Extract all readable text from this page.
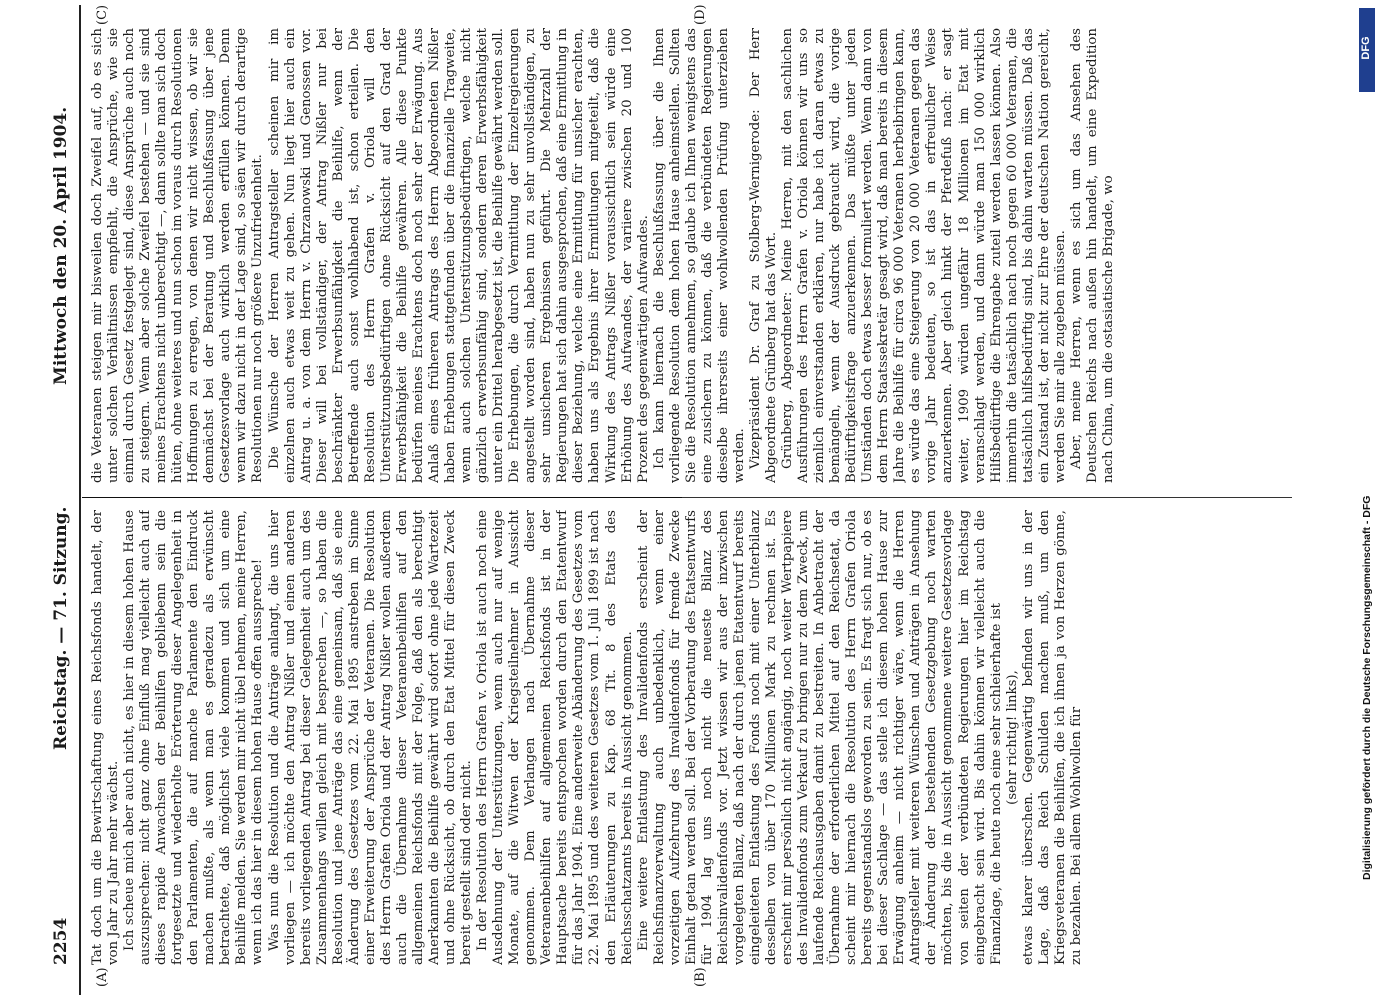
2254
Reichstag. — 71. Sitzung.
Mittwoch den 20. April 1904.
(A)	(B)
(C)	(D)

Tat doch um die Bewirtschaftung eines Reichsfonds handelt, der von Jahr zu Jahr mehr wächst. Ich scheue mich aber auch nicht, es hier in diesem hohen Hause auszusprechen: nicht ganz ohne Einfluß mag vielleicht auch auf dieses rapide Anwachsen der Beihilfen gebliebenn sein die fortgesetzte und wiederholte Erörterung dieser Angelegenheit in den Parlamenten, die auf manche Parlamente den Eindruck machen mußte, als wenn man es geradezu als erwünscht betrachtete, daß möglichst viele kommen und sich um eine Beihilfe melden. Sie werden mir nicht übel nehmen, meine Herren, wenn ich das hier in diesem hohen Hause offen ausspreche! Was nun die Resolution und die Anträge anlangt, die uns hier vorliegen — ich möchte den Antrag Nißler und einen anderen bereits vorliegenden Antrag bei dieser Gelegenheit auch um des Zusammenhangs willen gleich mit besprechen —, so haben die Resolution und jene Anträge das eine gemeinsam, daß sie eine Änderung des Gesetzes vom 22. Mai 1895 anstreben im Sinne einer Erweiterung der Ansprüche der Veteranen. Die Resolution des Herrn Grafen Oriola und der Antrag Nißler wollen außerdem auch die Übernahme dieser Veteranenbeihilfen auf den allgemeinen Reichsfonds mit der Folge, daß den als berechtigt Anerkannten die Beihilfe gewährt wird sofort ohne jede Wartezeit und ohne Rücksicht, ob durch den Etat Mittel für diesen Zweck bereit gestellt sind oder nicht. In der Resolution des Herrn Grafen v. Oriola ist auch noch eine Ausdehnung der Unterstützungen, wenn auch nur auf wenige Monate, auf die Witwen der Kriegsteilnehmer in Aussicht genommen. Dem Verlangen nach Übernahme dieser Veteranenbeihilfen auf allgemeinen Reichsfonds ist in der Hauptsache bereits entsprochen worden durch den Etatentwurf für das Jahr 1904. Eine anderweite Abänderung des Gesetzes vom 22. Mai 1895 und des weiteren Gesetzes vom 1. Juli 1899 ist nach den Erläuterungen zu Kap. 68 Tit. 8 des Etats des Reichsschatzamts bereits in Aussicht genommen. Eine weitere Entlastung des Invalidenfonds erscheint der Reichsfinanzverwaltung auch unbedenklich, wenn einer vorzeitigen Aufzehrung des Invalidenfonds für fremde Zwecke Einhalt getan werden soll. Bei der Vorberatung des Etatsentwurfs für 1904 lag uns noch nicht die neueste Bilanz des Reichsinvalidenfonds vor. Jetzt wissen wir aus der inzwischen vorgelegten Bilanz, daß nach der durch jenen Etatentwurf bereits eingeleiteten Entlastung des Fonds noch mit einer Unterbilanz desselben von über 170 Millionen Mark zu rechnen ist. Es erscheint mir persönlich nicht angängig, noch weiter Wertpapiere des Invalidenfonds zum Verkauf zu bringen nur zu dem Zweck, um laufende Reichsausgaben damit zu bestreiten. In Anbetracht der Übernahme der erforderlichen Mittel auf den Reichsetat, da scheint mir hiernach die Resolution des Herrn Grafen Oriola bereits gegenstandslos geworden zu sein. Es fragt sich nur, ob es bei dieser Sachlage — das stelle ich diesem hohen Hause zur Erwägung anheim — nicht richtiger wäre, wenn die Herren Antragsteller mit weiteren Wünschen und Anträgen in Ansehung der Änderung der bestehenden Gesetzgebung noch warten möchten, bis die in Aussicht genommene weitere Gesetzesvorlage von seiten der verbündeten Regierungen hier im Reichstag eingebracht sein wird. Bis dahin können wir vielleicht auch die Finanzlage, die heute noch eine sehr schleierhafte ist (sehr richtig! links), etwas klarer überschen. Gegenwärtig befinden wir uns in der Lage, daß das Reich Schulden machen muß, um den Kriegsveteranen die Beihilfen, die ich ihnen ja von Herzen gönne, zu bezahlen. Bei allem Wohlwollen für

die Veteranen steigen mir bisweilen doch Zweifel auf, ob es sich unter solchen Verhältnissen empfiehlt, die Ansprüche, wie sie einmal durch Gesetz festgelegt sind, diese Ansprüche auch noch zu steigern. Wenn aber solche Zweifel bestehen — und sie sind meines Erachtens nicht unberechtigt —, dann sollte man sich doch hüten, ohne weiteres und nun schon im voraus durch Resolutionen Hoffnungen zu erregen, von denen wir nicht wissen, ob wir sie demnächst bei der Beratung und Beschlußfassung über jene Gesetzesvorlage auch wirklich werden erfüllen können. Denn wenn wir dazu nicht in der Lage sind, so säen wir durch derartige Resolutionen nur noch größere Unzufriedenheit. Die Wünsche der Herren Antragsteller scheinen mir im einzelnen auch etwas weit zu gehen. Nun liegt hier auch ein Antrag u. a. von dem Herrn v. Chrzanowski und Genossen vor. Dieser will bei vollständiger, der Antrag Nißler nur bei beschränkter Erwerbsunfähigkeit die Beihilfe, wenn der Betreffende auch sonst wohlhabend ist, schon erteilen. Die Resolution des Herrn Grafen v. Oriola will den Unterstützungsbedürftigen ohne Rücksicht auf den Grad der Erwerbsfähigkeit die Beihilfe gewähren. Alle diese Punkte bedürfen meines Erachtens doch noch sehr der Erwägung. Aus Anlaß eines früheren Antrags des Herrn Abgeordneten Nißler haben Erhebungen stattgefunden über die finanzielle Tragweite, wenn auch solchen Unterstützungsbedürftigen, welche nicht gänzlich erwerbsunfähig sind, sondern deren Erwerbsfähigkeit unter ein Drittel herabgesetzt ist, die Beihilfe gewährt werden soll. Die Erhebungen, die durch Vermittlung der Einzelregierungen angestellt worden sind, haben nun zu sehr unvollständigen, zu sehr unsicheren Ergebnissen geführt. Die Mehrzahl der Regierungen hat sich dahin ausgesprochen, daß eine Ermittlung in dieser Beziehung, welche eine Ermittlung für unsicher erachten, haben uns als Ergebnis ihrer Ermittlungen mitgeteilt, daß die Wirkung des Antrags Nißler voraussichtlich sein würde eine Erhöhung des Aufwandes, der variiere zwischen 20 und 100 Prozent des gegenwärtigen Aufwandes. Ich kann hiernach die Beschlußfassung über die Ihnen vorliegende Resolution dem hohen Hause anheimstellen. Sollten Sie die Resolution annehmen, so glaube ich Ihnen wenigstens das eine zusichern zu können, daß die verbündeten Regierungen dieselbe ihrerseits einer wohlwollenden Prüfung unterziehen werden. Vizepräsident Dr. Graf zu Stolberg-Wernigerode: Der Herr Abgeordnete Grünberg hat das Wort. Grünberg, Abgeordneter: Meine Herren, mit den sachlichen Ausführungen des Herrn Grafen v. Oriola können wir uns so ziemlich einverstanden erklären, nur habe ich daran etwas zu bemängeln, wenn der Ausdruck gebraucht wird, die vorige Bedürftigkeitsfrage anzuerkennen. Das müßte unter jeden Umständen doch etwas besser formuliert werden. Wenn dann von dem Herrn Staatssekretär gesagt wird, daß man bereits in diesem Jahre die Beihilfe für circa 96 000 Veteranen herbeibringen kann, es würde das eine Steigerung von 20 000 Veteranen gegen das vorige Jahr bedeuten, so ist das in erfreulicher Weise anzuerkennen. Aber gleich hinkt der Pferdefuß nach: er sagt weiter, 1909 würden ungefähr 18 Millionen im Etat mit veranschlagt werden, und dann würde man 150 000 wirklich Hilfsbedürftige die Ehrengabe zuteil werden lassen können. Also immerhin die tatsächlich nach noch gegen 60 000 Veteranen, die tatsächlich hilfsbedürftig sind, bis dahin warten müssen. Daß das ein Zustand ist, der nicht zur Ehre der deutschen Nation gereicht, werden Sie mir alle zugeben müssen. Aber, meine Herren, wenn es sich um das Ansehen des Deutschen Reichs nach außen hin handelt, um eine Expedition nach China, um die ostasiatische Brigade, wo

DFG
Digitalisierung gefördert durch die Deutsche Forschungsgemeinschaft - DFG
